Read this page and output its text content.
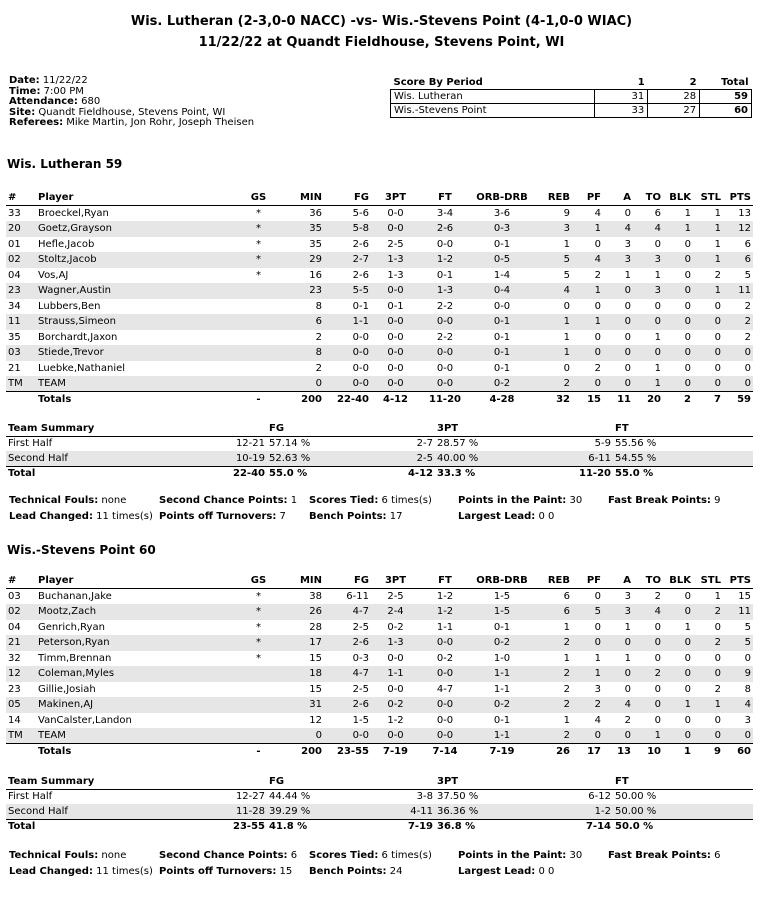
Wis. Lutheran (2-3,0-0 NACC) -vs- Wis.-Stevens Point (4-1,0-0 WIAC)
11/22/22 at Quandt Fieldhouse, Stevens Point, WI
Date: 11/22/22
Time: 7:00 PM
Attendance: 680
Site: Quandt Fieldhouse, Stevens Point, WI
Referees: Mike Martin, Jon Rohr, Joseph Theisen
Score By Period	1	2	Total
Wis. Lutheran	31	28	59
Wis.-Stevens Point	33	27	60
Wis. Lutheran 59
#	Player	GS	MIN	FG	3PT	FT	ORB-DRB	REB	PF	A	TO	BLK	STL	PTS
33	Broeckel,Ryan	*	36	5-6	0-0	3-4	3-6	9	4	0	6	1	1	13
20	Goetz,Grayson	*	35	5-8	0-0	2-6	0-3	3	1	4	4	1	1	12
01	Hefle,Jacob	*	35	2-6	2-5	0-0	0-1	1	0	3	0	0	1	6
02	Stoltz,Jacob	*	29	2-7	1-3	1-2	0-5	5	4	3	3	0	1	6
04	Vos,AJ	*	16	2-6	1-3	0-1	1-4	5	2	1	1	0	2	5
23	Wagner,Austin		23	5-5	0-0	1-3	0-4	4	1	0	3	0	1	11
34	Lubbers,Ben		8	0-1	0-1	2-2	0-0	0	0	0	0	0	0	2
11	Strauss,Simeon		6	1-1	0-0	0-0	0-1	1	1	0	0	0	0	2
35	Borchardt,Jaxon		2	0-0	0-0	2-2	0-1	1	0	0	1	0	0	2
03	Stiede,Trevor		8	0-0	0-0	0-0	0-1	1	0	0	0	0	0	0
21	Luebke,Nathaniel		2	0-0	0-0	0-0	0-1	0	2	0	1	0	0	0
TM	TEAM		0	0-0	0-0	0-0	0-2	2	0	0	1	0	0	0
	Totals	-	200	22-40	4-12	11-20	4-28	32	15	11	20	2	7	59
Team Summary		FG		3PT		FT
First Half	12-21	57.14 %	2-7	28.57 %	5-9	55.56 %
Second Half	10-19	52.63 %	2-5	40.00 %	6-11	54.55 %
Total	22-40	55.0 %	4-12	33.3 %	11-20	55.0 %
Technical Fouls: none	Second Chance Points: 1 Scores Tied: 6 times(s)	Points in the Paint: 30	Fast Break Points: 9
Lead Changed: 11 times(s) Points off Turnovers: 7 Bench Points: 17	Largest Lead: 0 0
Wis.-Stevens Point 60
#	Player	GS	MIN	FG	3PT	FT	ORB-DRB	REB	PF	A	TO	BLK	STL	PTS
03	Buchanan,Jake	*	38	6-11	2-5	1-2	1-5	6	0	3	2	0	1	15
02	Mootz,Zach	*	26	4-7	2-4	1-2	1-5	6	5	3	4	0	2	11
04	Genrich,Ryan	*	28	2-5	0-2	1-1	0-1	1	0	1	0	1	0	5
21	Peterson,Ryan	*	17	2-6	1-3	0-0	0-2	2	0	0	0	0	2	5
32	Timm,Brennan	*	15	0-3	0-0	0-2	1-0	1	1	1	0	0	0	0
12	Coleman,Myles		18	4-7	1-1	0-0	1-1	2	1	0	2	0	0	9
23	Gillie,Josiah		15	2-5	0-0	4-7	1-1	2	3	0	0	0	2	8
05	Makinen,AJ		31	2-6	0-2	0-0	0-2	2	2	4	0	1	1	4
14	VanCalster,Landon		12	1-5	1-2	0-0	0-1	1	4	2	0	0	0	3
TM	TEAM		0	0-0	0-0	0-0	1-1	2	0	0	1	0	0	0
	Totals	-	200	23-55	7-19	7-14	7-19	26	17	13	10	1	9	60
Team Summary		FG		3PT		FT
First Half	12-27	44.44 %	3-8	37.50 %	6-12	50.00 %
Second Half	11-28	39.29 %	4-11	36.36 %	1-2	50.00 %
Total	23-55	41.8 %	7-19	36.8 %	7-14	50.0 %
Technical Fouls: none	Second Chance Points: 6 Scores Tied: 6 times(s)	Points in the Paint: 30	Fast Break Points: 6
Lead Changed: 11 times(s) Points off Turnovers: 15 Bench Points: 24	Largest Lead: 0 0
